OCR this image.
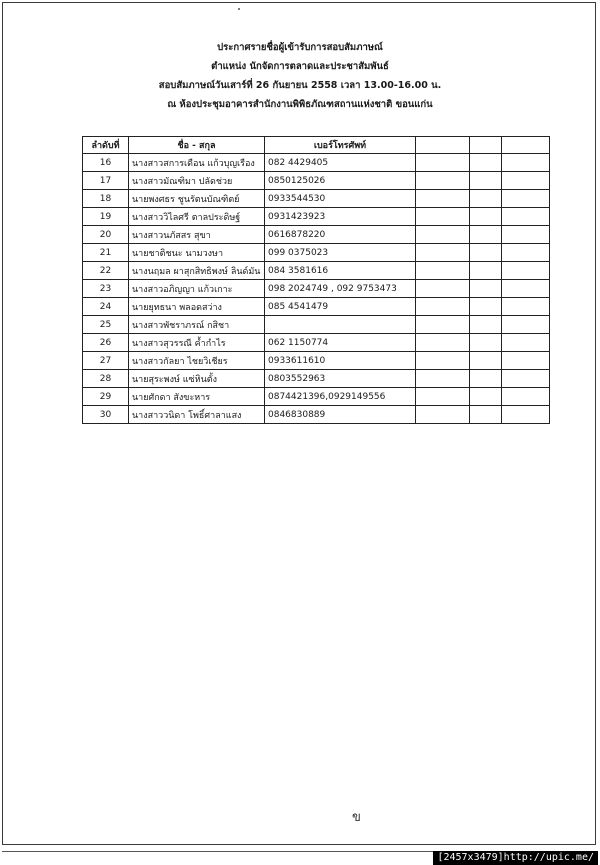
ประกาศรายชื่อผู้เข้ารับการสอบสัมภาษณ์
ตำแหน่ง นักจัดการตลาดและประชาสัมพันธ์
สอบสัมภาษณ์วันเสาร์ที่ 26 กันยายน 2558 เวลา 13.00-16.00 น.
ณ ห้องประชุมอาคารสำนักงานพิพิธภัณฑสถานแห่งชาติ ขอนแก่น
ลำดับที่	ชื่อ - สกุล	เบอร์โทรศัพท์			
16	นางสาวสการเดือน แก้วบุญเรือง	082 4429405			
17	นางสาวมัณฑิมา ปลัดช่วย	0850125026			
18	นายพงศธร ชูนรัตนบัณฑิตย์	0933544530			
19	นางสาววิไลศรี ตาลประดิษฐ์	0931423923			
20	นางสาวนภัสสร สุขา	0616878220			
21	นายชาติชนะ นามวงษา	099 0375023			
22	นางนฤมล ผาสุกสิทธิพงษ์ ลินด์มัน	084 3581616			
23	นางสาวอภิญญา แก้วเกาะ	098 2024749 , 092 9753473			
24	นายยุทธนา พลอดสว่าง	085 4541479			
25	นางสาวพัชราภรณ์ กสิชา				
26	นางสาวสุวรรณี ค้ำกำไร	062 1150774			
27	นางสาวกัลยา ไชยวิเชียร	0933611610			
28	นายสุระพงษ์ แซ่หินตั้ง	0803552963			
29	นายศักดา สังขะหาร	0874421396,0929149556			
30	นางสาววนิดา โพธิ์ศาลาแสง	0846830889			
ข
[2457x3479]http://upic.me/
